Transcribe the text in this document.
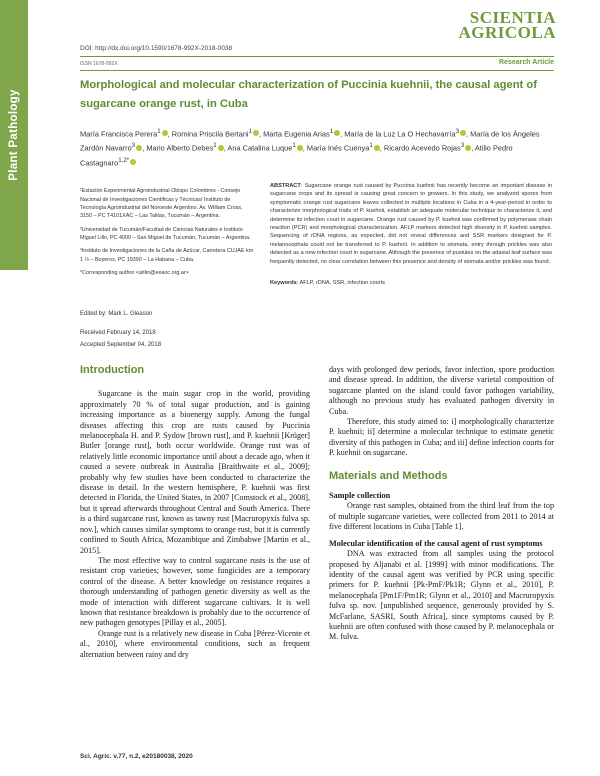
Plant Pathology
SCIENTIA
AGRICOLA
DOI: http://dx.doi.org/10.1590/1678-992X-2018-0038
ISSN 1678-992X	Research Article
Morphological and molecular characterization of Puccinia kuehnii, the causal agent of sugarcane orange rust, in Cuba

María Francisca Perera$^1$ , Romina Priscila Bertani$^1$ , Marta Eugenia Arias$^1$ , María de la Luz La O Hechavarría$^3$ , María de los Ángeles Zardón Navarro$^3$ , Mario Alberto Debes$^1$ , Ana Catalina Luque$^1$ , María Inés Cuenya$^1$ , Ricardo Acevedo Rojas$^3$ , Atilio Pedro Castagnaro$^{1,2*}$

¹Estación Experimental Agroindustrial Obispo Colombres - Consejo Nacional de Investigaciones Científicas y Técnicas/ Instituto de Tecnología Agroindustrial del Noroeste Argentino. Av. William Cross, 3150 – PC T4101XAC – Las Talitas, Tucumán – Argentina.

²Universidad de Tucumán/Facultad de Ciencias Naturales e Instituto Miguel Lillo, PC 4000 – San Miguel de Tucumán, Tucumán – Argentina.

³Instituto de Investigaciones de la Caña de Azúcar, Carretera CUJAE km 1 ½ – Boyeros, PC 19390 – La Habana – Cuba.

*Corresponding author <atilio@eeaoc.org.ar>

Edited by: Mark L. Gleason
Received February 14, 2018
Accepted September 04, 2018

ABSTRACT: Sugarcane orange rust caused by Puccinia kuehnii has recently become an important disease in sugarcane crops and its spread is causing great concern to growers. In this study, we analyzed spores from symptomatic orange rust sugarcane leaves collected in multiple locations in Cuba in a 4-year-period in order to characterize morphological traits of P. kuehnii, establish an adequate molecular technique to characterize it, and determine its infection court in sugarcane. Orange rust caused by P. kuehnii was confirmed by polymerase chain reaction (PCR) and morphological characterization. AFLP markers detected high diversity in P. kuehnii samples. Sequencing of rDNA regions, as expected, did not reveal differences and SSR markers designed for P. melanocephala could not be transferred to P. kuehnii. In addition to stomata, entry through prickles was also detected as a new infection court in sugarcane. Although the presence of pustules on the adaxial leaf surface was frequently detected, no clear correlation between this presence and density of stomata and/or prickles was found.

Keywords: AFLP, rDNA, SSR, infection courts
Introduction

Sugarcane is the main sugar crop in the world, providing approximately 70 % of total sugar production, and is gaining increasing importance as a bioenergy supply. Among the fungal diseases affecting this crop are rusts caused by Puccinia melanocephala H. and P. Sydow [brown rust], and P. kuehnii [Krüger] Butler [orange rust], both occur worldwide. Orange rust was of relatively little economic importance until about a decade ago, when it caused a severe outbreak in Australia [Braithwaite et al., 2009]; probably why few studies have been conducted to characterize the disease in detail. In the western hemisphere, P. kuehnii was first detected in Florida, the United States, in 2007 [Comstock et al., 2008], but it spread afterwards throughout Central and South America. There is a third sugarcane rust, known as tawny rust [Macruropyxis fulva sp. nov.], which causes similar symptoms to orange rust, but it is currently confined to South Africa, Mozambique and Zimbabwe [Martin et al., 2015].

The most effective way to control sugarcane rusts is the use of resistant crop varieties; however, some fungicides are a temporary control of the disease. A better knowledge on resistance requires a thorough understanding of pathogen genetic diversity as well as the mode of interaction with different sugarcane cultivars. It is well known that resistance breakdown is probably due to the occurrence of new pathogen genotypes [Pillay et al., 2005].

Orange rust is a relatively new disease in Cuba [Pérez-Vicente et al., 2010], where environmental conditions, such as frequent alternation between rainy and dry

days with prolonged dew periods, favor infection, spore production and disease spread. In addition, the diverse varietal composition of sugarcane planted on the island could favor pathogen variability, although no previous study has evaluated pathogen diversity in Cuba.

Therefore, this study aimed to: i] morphologically characterize P. kuehnii; ii] determine a molecular technique to estimate genetic diversity of this pathogen in Cuba; and iii] define infection courts for P. kuehnii on sugarcane.

Materials and Methods
Sample collection

Orange rust samples, obtained from the third leaf from the top of multiple sugarcane varieties, were collected from 2011 to 2014 at five different locations in Cuba [Table 1].

Molecular identification of the causal agent of rust symptoms

DNA was extracted from all samples using the protocol proposed by Aljanabi et al. [1999] with minor modifications. The identity of the causal agent was verified by PCR using specific primers for P. kuehnii [Pk-PmF/Pk1R; Glynn et al., 2010], P. melanocephala [Pm1F/Pm1R; Glynn et al., 2010] and Macruropyxis fulva sp. nov. [unpublished sequence, generously provided by S. McFarlane, SASRI, South Africa], since symptoms caused by P. kuehnii are often confused with those caused by P. melanocephala or M. fulva.

Sci. Agric. v.77, n.2, e20180038, 2020
